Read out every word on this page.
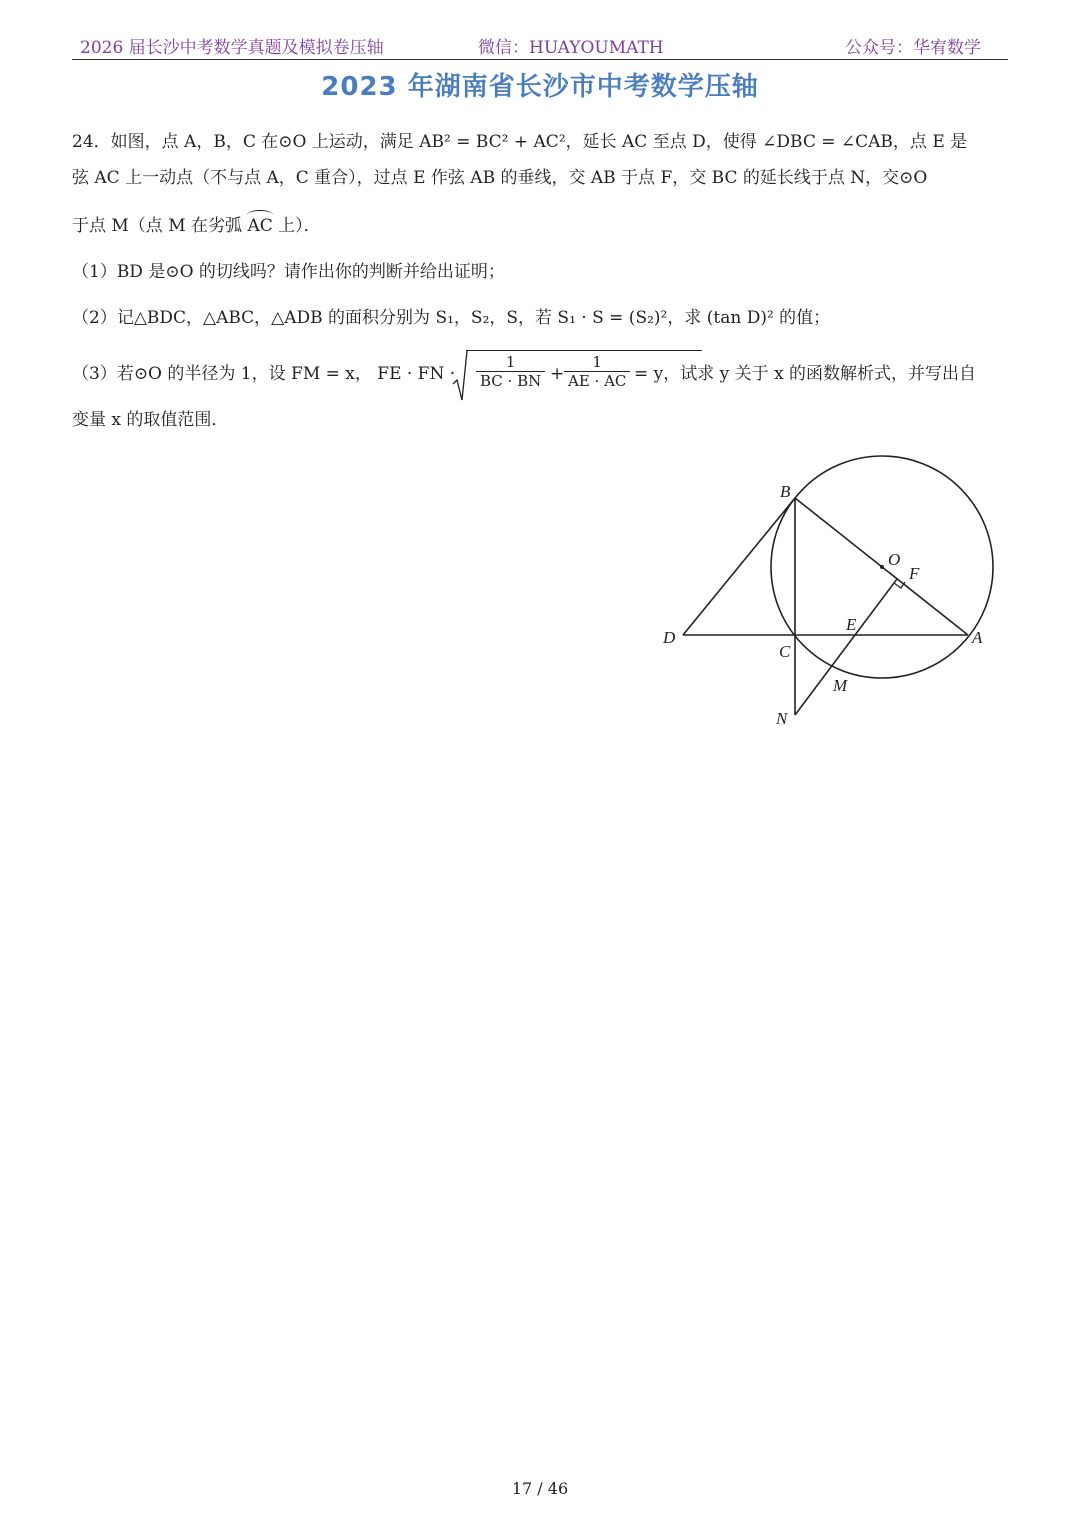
2026 届长沙中考数学真题及模拟卷压轴	微信：HUAYOUMATH	公众号：华宥数学
2023 年湖南省长沙市中考数学压轴
24．如图，点 A，B，C 在⊙O 上运动，满足 AB² = BC² + AC²，延长 AC 至点 D，使得 ∠DBC = ∠CAB，点 E 是
弦 AC 上一动点（不与点 A，C 重合），过点 E 作弦 AB 的垂线，交 AB 于点 F，交 BC 的延长线于点 N，交⊙O
于点 M（点 M 在劣弧 AC 上）．
（1）BD 是⊙O 的切线吗？请作出你的判断并给出证明；
（2）记△BDC，△ABC，△ADB 的面积分别为 S₁，S₂，S，若 S₁ · S = (S₂)²，求 (tan D)² 的值；
（3）若⊙O 的半径为 1，设 FM = x， FE · FN · $\frac{1}{BC \cdot BN} + \frac{1}{AE \cdot AC} = y$，试求 y 关于 x 的函数解析式，并写出自
变量 x 的取值范围．
B
O
F
D
E
A
C
M
N
17 / 46
